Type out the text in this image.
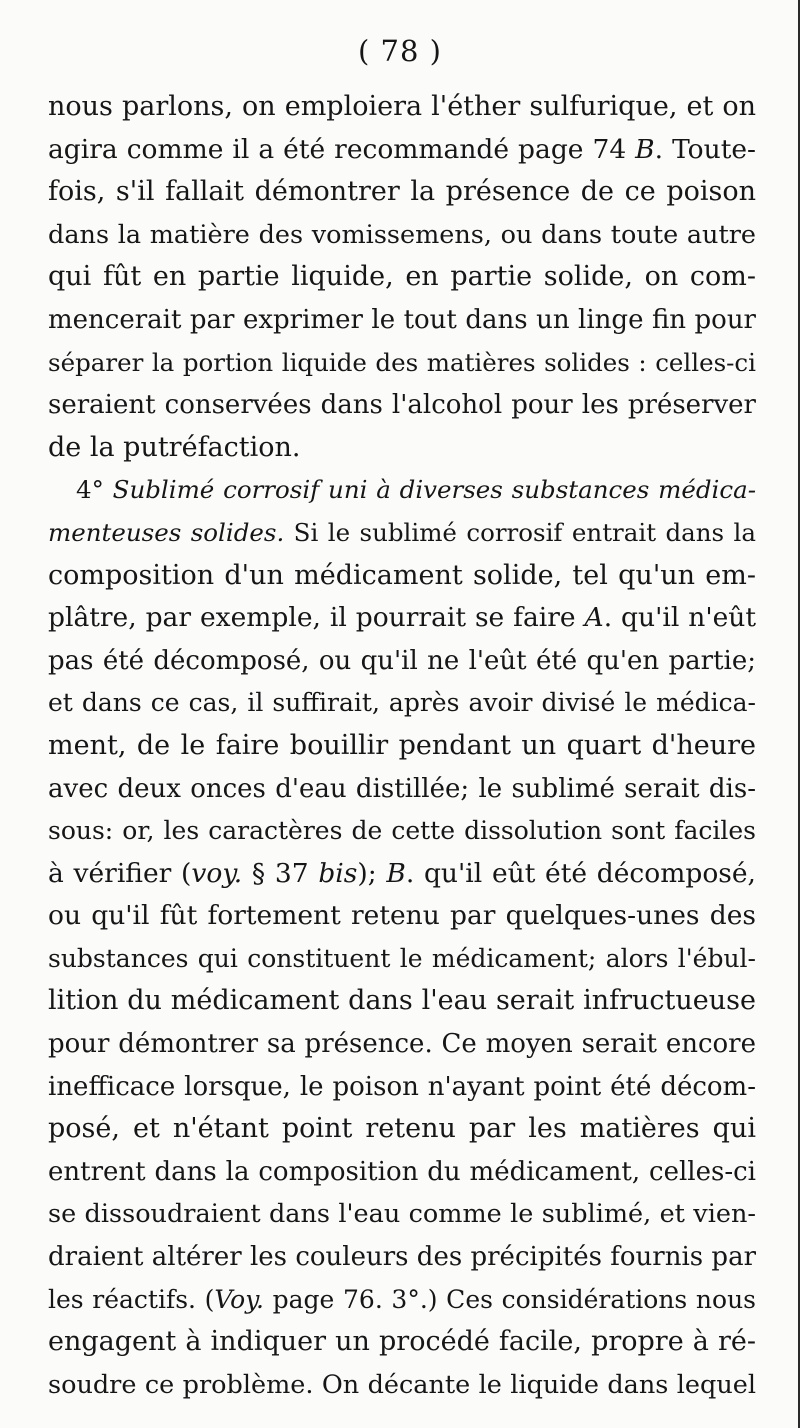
( 78 )
nous parlons, on emploiera l'éther sulfurique, et on
agira comme il a été recommandé page 74 B. Toute-
fois, s'il fallait démontrer la présence de ce poison
dans la matière des vomissemens, ou dans toute autre
qui fût en partie liquide, en partie solide, on com-
mencerait par exprimer le tout dans un linge fin pour
séparer la portion liquide des matières solides : celles-ci
seraient conservées dans l'alcohol pour les préserver
de la putréfaction.
4° Sublimé corrosif uni à diverses substances médica-
menteuses solides. Si le sublimé corrosif entrait dans la
composition d'un médicament solide, tel qu'un em-
plâtre, par exemple, il pourrait se faire A. qu'il n'eût
pas été décomposé, ou qu'il ne l'eût été qu'en partie;
et dans ce cas, il suffirait, après avoir divisé le médica-
ment, de le faire bouillir pendant un quart d'heure
avec deux onces d'eau distillée; le sublimé serait dis-
sous: or, les caractères de cette dissolution sont faciles
à vérifier (voy. § 37 bis); B. qu'il eût été décomposé,
ou qu'il fût fortement retenu par quelques-unes des
substances qui constituent le médicament; alors l'ébul-
lition du médicament dans l'eau serait infructueuse
pour démontrer sa présence. Ce moyen serait encore
inefficace lorsque, le poison n'ayant point été décom-
posé, et n'étant point retenu par les matières qui
entrent dans la composition du médicament, celles-ci
se dissoudraient dans l'eau comme le sublimé, et vien-
draient altérer les couleurs des précipités fournis par
les réactifs. (Voy. page 76. 3°.) Ces considérations nous
engagent à indiquer un procédé facile, propre à ré-
soudre ce problème. On décante le liquide dans lequel
